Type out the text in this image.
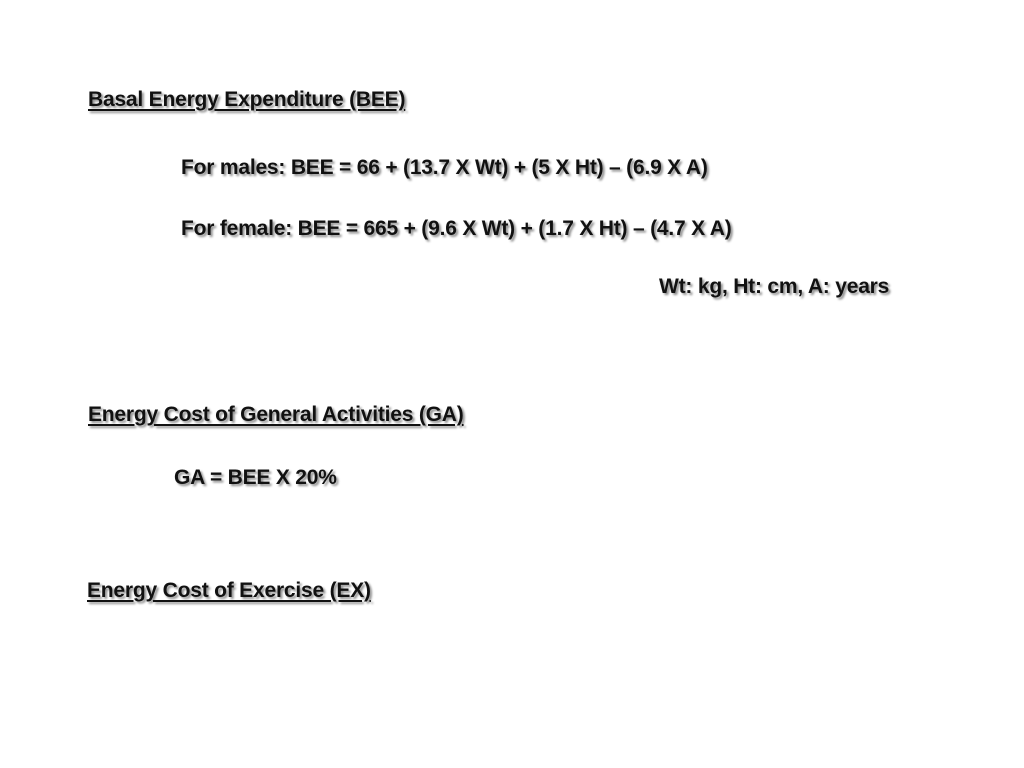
Basal Energy Expenditure (BEE)
For males: BEE = 66 + (13.7 X Wt) + (5 X Ht) – (6.9 X A)
For female: BEE = 665 + (9.6 X Wt) + (1.7 X Ht) – (4.7 X A)
Wt: kg, Ht: cm, A: years
Energy Cost of General Activities (GA)
GA = BEE X 20%
Energy Cost of Exercise (EX)
